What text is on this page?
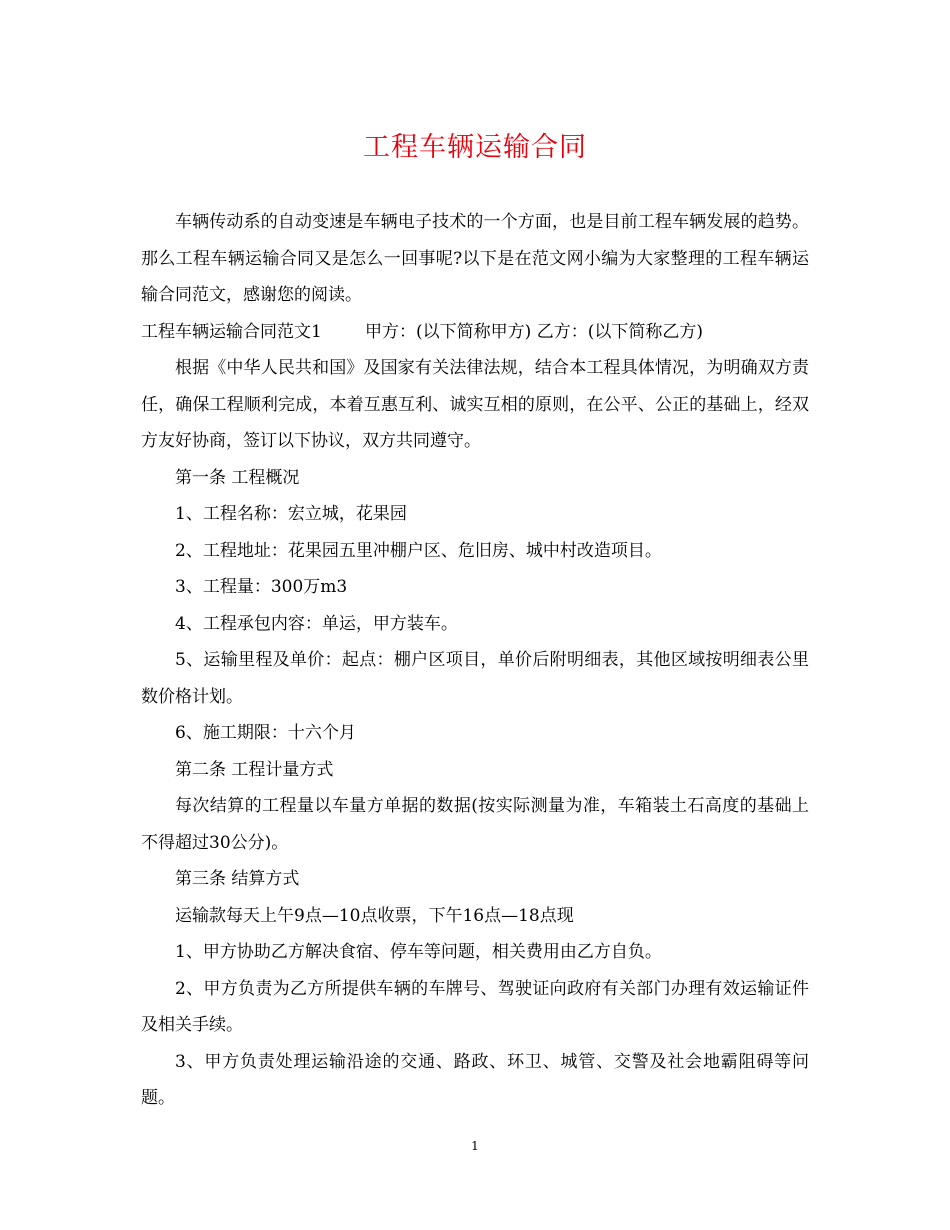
工程车辆运输合同

车辆传动系的自动变速是车辆电子技术的一个方面，也是目前工程车辆发展的趋势。那么工程车辆运输合同又是怎么一回事呢?以下是在范文网小编为大家整理的工程车辆运输合同范文，感谢您的阅读。

工程车辆运输合同范文1        甲方：(以下简称甲方) 乙方：(以下简称乙方)

根据《中华人民共和国》及国家有关法律法规，结合本工程具体情况，为明确双方责任，确保工程顺利完成，本着互惠互利、诚实互相的原则，在公平、公正的基础上，经双方友好协商，签订以下协议，双方共同遵守。

第一条 工程概况

1、工程名称：宏立城，花果园

2、工程地址：花果园五里冲棚户区、危旧房、城中村改造项目。

3、工程量：300万m3

4、工程承包内容：单运，甲方装车。

5、运输里程及单价：起点：棚户区项目，单价后附明细表，其他区域按明细表公里数价格计划。

6、施工期限：十六个月

第二条 工程计量方式

每次结算的工程量以车量方单据的数据(按实际测量为准，车箱装土石高度的基础上不得超过30公分)。

第三条 结算方式

运输款每天上午9点—10点收票，下午16点—18点现

1、甲方协助乙方解决食宿、停车等问题，相关费用由乙方自负。

2、甲方负责为乙方所提供车辆的车牌号、驾驶证向政府有关部门办理有效运输证件及相关手续。

3、甲方负责处理运输沿途的交通、路政、环卫、城管、交警及社会地霸阻碍等问题。

1
